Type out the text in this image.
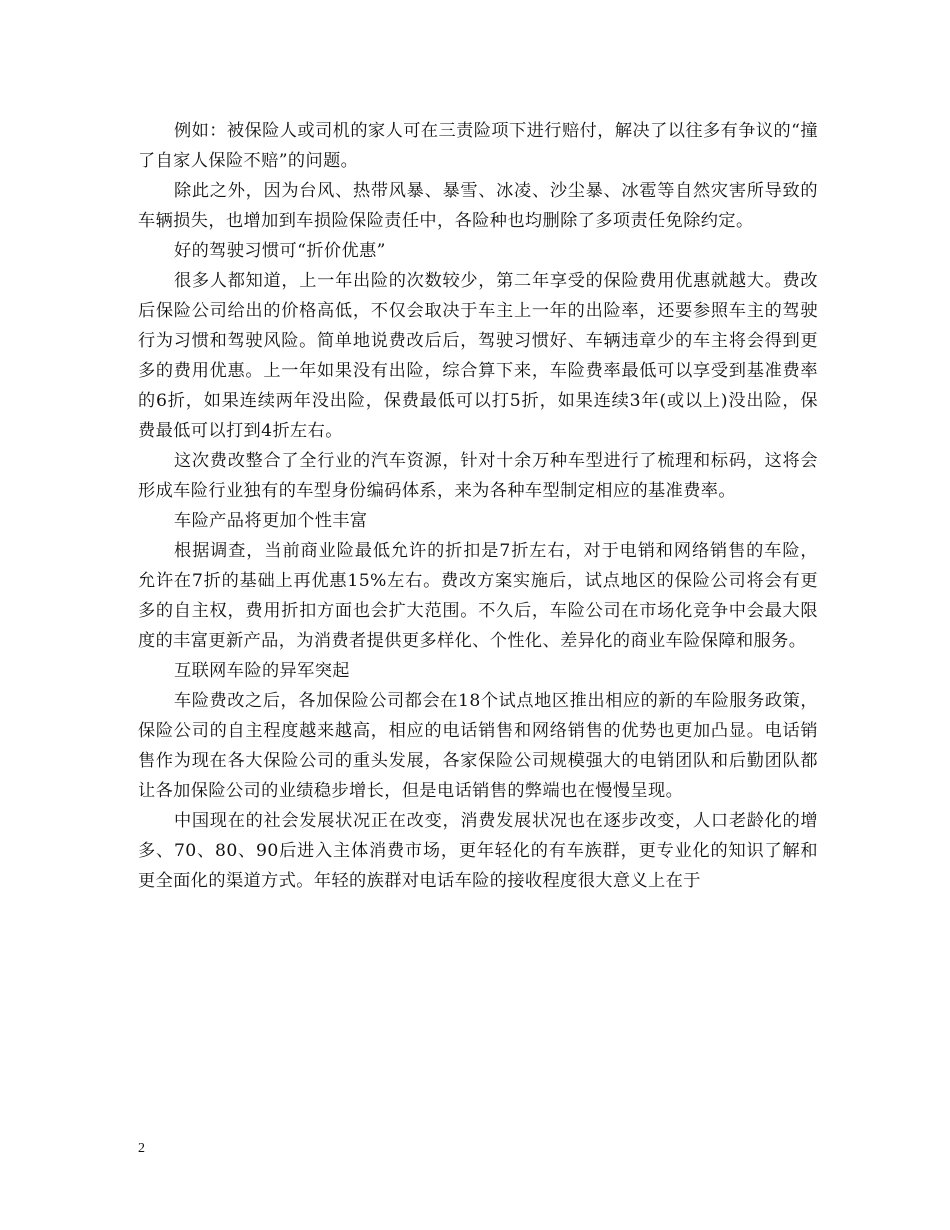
例如：被保险人或司机的家人可在三责险项下进行赔付，解决了以往多有争议的“撞了自家人保险不赔”的问题。

除此之外，因为台风、热带风暴、暴雪、冰凌、沙尘暴、冰雹等自然灾害所导致的车辆损失，也增加到车损险保险责任中，各险种也均删除了多项责任免除约定。

好的驾驶习惯可“折价优惠”

很多人都知道，上一年出险的次数较少，第二年享受的保险费用优惠就越大。费改后保险公司给出的价格高低，不仅会取决于车主上一年的出险率，还要参照车主的驾驶行为习惯和驾驶风险。简单地说费改后后，驾驶习惯好、车辆违章少的车主将会得到更多的费用优惠。上一年如果没有出险，综合算下来，车险费率最低可以享受到基准费率的6折，如果连续两年没出险，保费最低可以打5折，如果连续3年(或以上)没出险，保费最低可以打到4折左右。

这次费改整合了全行业的汽车资源，针对十余万种车型进行了梳理和标码，这将会形成车险行业独有的车型身份编码体系，来为各种车型制定相应的基准费率。

车险产品将更加个性丰富

根据调查，当前商业险最低允许的折扣是7折左右，对于电销和网络销售的车险，允许在7折的基础上再优惠15%左右。费改方案实施后，试点地区的保险公司将会有更多的自主权，费用折扣方面也会扩大范围。不久后，车险公司在市场化竞争中会最大限度的丰富更新产品，为消费者提供更多样化、个性化、差异化的商业车险保障和服务。

互联网车险的异军突起

车险费改之后，各加保险公司都会在18个试点地区推出相应的新的车险服务政策，保险公司的自主程度越来越高，相应的电话销售和网络销售的优势也更加凸显。电话销售作为现在各大保险公司的重头发展，各家保险公司规模强大的电销团队和后勤团队都让各加保险公司的业绩稳步增长，但是电话销售的弊端也在慢慢呈现。

中国现在的社会发展状况正在改变，消费发展状况也在逐步改变，人口老龄化的增多、70、80、90后进入主体消费市场，更年轻化的有车族群，更专业化的知识了解和更全面化的渠道方式。年轻的族群对电话车险的接收程度很大意义上在于

2
